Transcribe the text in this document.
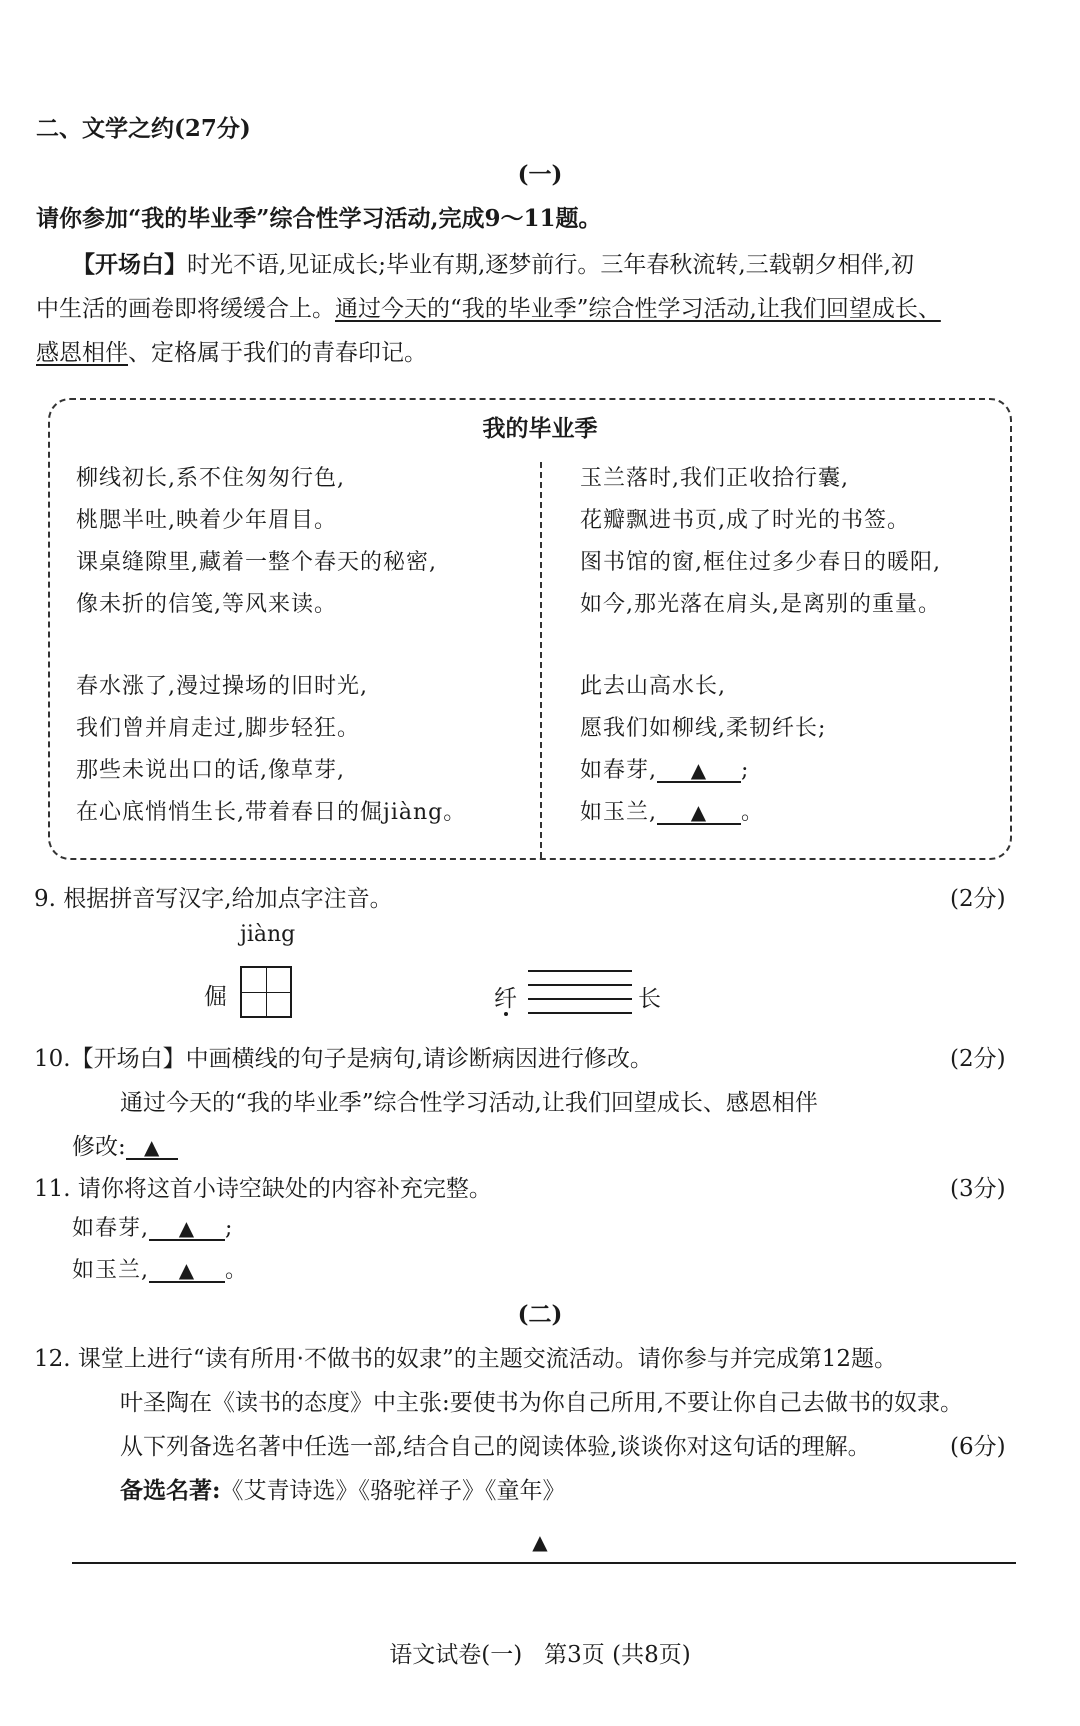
二、文学之约(27分)
(一)
请你参加“我的毕业季”综合性学习活动,完成9～11题。
【开场白】时光不语,见证成长;毕业有期,逐梦前行。三年春秋流转,三载朝夕相伴,初
中生活的画卷即将缓缓合上。通过今天的“我的毕业季”综合性学习活动,让我们回望成长、
感恩相伴、定格属于我们的青春印记。
我的毕业季
柳线初长,系不住匆匆行色,
桃腮半吐,映着少年眉目。
课桌缝隙里,藏着一整个春天的秘密,
像未折的信笺,等风来读。
春水涨了,漫过操场的旧时光,
我们曾并肩走过,脚步轻狂。
那些未说出口的话,像草芽,
在心底悄悄生长,带着春日的倔jiàng。
玉兰落时,我们正收拾行囊,
花瓣飘进书页,成了时光的书签。
图书馆的窗,框住过多少春日的暖阳,
如今,那光落在肩头,是离别的重量。
此去山高水长,
愿我们如柳线,柔韧纤长;
如春芽, ▲ ;
如玉兰, ▲ 。
9. 根据拼音写汉字,给加点字注音。	(2分)
jiàng
倔	纤	长
10.【开场白】中画横线的句子是病句,请诊断病因进行修改。	(2分)
通过今天的“我的毕业季”综合性学习活动,让我们回望成长、感恩相伴
修改: ▲
11. 请你将这首小诗空缺处的内容补充完整。	(3分)
如春芽, ▲ ;
如玉兰, ▲ 。
(二)
12. 课堂上进行“读有所用·不做书的奴隶”的主题交流活动。请你参与并完成第12题。
叶圣陶在《读书的态度》中主张:要使书为你自己所用,不要让你自己去做书的奴隶。
从下列备选名著中任选一部,结合自己的阅读体验,谈谈你对这句话的理解。	(6分)
备选名著:《艾青诗选》《骆驼祥子》《童年》
▲
语文试卷(一)   第3页 (共8页)
